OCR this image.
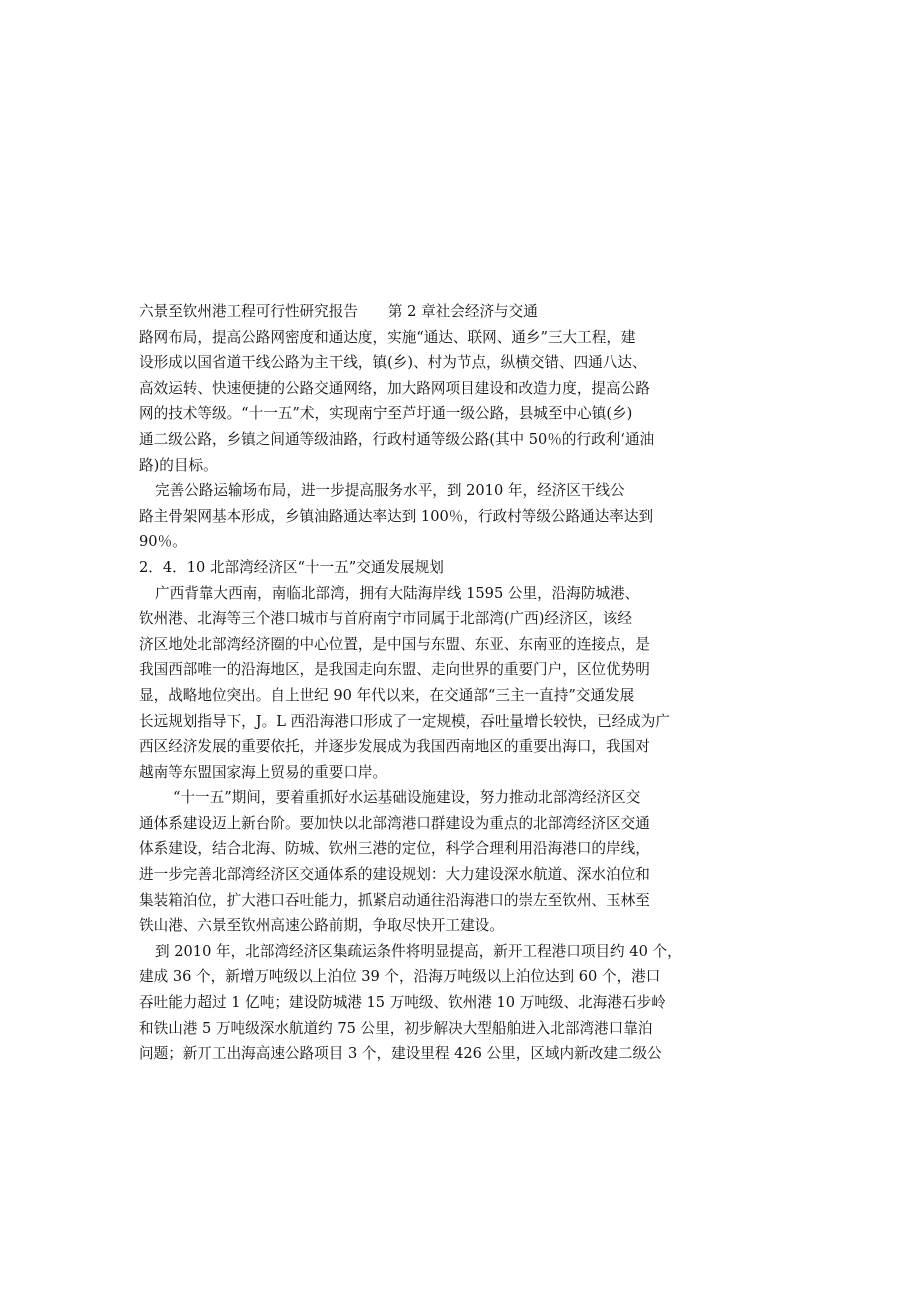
六景至钦州港工程可行性研究报告 第 2 章社会经济与交通
路网布局，提高公路网密度和通达度，实施“通达、联网、通乡”三大工程，建
设形成以国省道干线公路为主干线，镇(乡)、村为节点，纵横交错、四通八达、
高效运转、快速便捷的公路交通网络，加大路网项目建设和改造力度，提高公路
网的技术等级。“十一五”术，实现南宁至芦圩通一级公路，县城至中心镇(乡)
通二级公路，乡镇之间通等级油路，行政村通等级公路(其中 50％的行政利‘通油
路)的目标。
完善公路运输场布局，进一步提高服务水平，到 2010 年，经济区干线公
路主骨架网基本形成，乡镇油路通达率达到 100％，行政村等级公路通达率达到
90％。
2．4．10 北部湾经济区“十一五”交通发展规划
广西背靠大西南，南临北部湾，拥有大陆海岸线 1595 公里，沿海防城港、
钦州港、北海等三个港口城市与首府南宁市同属于北部湾(广西)经济区，该经
济区地处北部湾经济圈的中心位置，是中国与东盟、东亚、东南亚的连接点，是
我国西部唯一的沿海地区，是我国走向东盟、走向世界的重要门户，区位优势明
显，战略地位突出。自上世纪 90 年代以来，在交通部“三主一直持”交通发展
长远规划指导下，J。L 西沿海港口形成了一定规模，吞吐量增长较快，已经成为广
西区经济发展的重要依托，并逐步发展成为我国西南地区的重要出海口，我国对
越南等东盟国家海上贸易的重要口岸。
“十一五”期间，要着重抓好水运基础设施建设，努力推动北部湾经济区交
通体系建设迈上新台阶。要加快以北部湾港口群建设为重点的北部湾经济区交通
体系建设，结合北海、防城、钦州三港的定位，科学合理利用沿海港口的岸线，
进一步完善北部湾经济区交通体系的建设规划：大力建设深水航道、深水泊位和
集装箱泊位，扩大港口吞吐能力，抓紧启动通往沿海港口的崇左至钦州、玉林至
铁山港、六景至钦州高速公路前期，争取尽快开工建设。
到 2010 年，北部湾经济区集疏运条件将明显提高，新开工程港口项目约 40 个，
建成 36 个，新增万吨级以上泊位 39 个，沿海万吨级以上泊位达到 60 个，港口
吞吐能力超过 1 亿吨；建设防城港 15 万吨级、钦州港 10 万吨级、北海港石步岭
和铁山港 5 万吨级深水航道约 75 公里，初步解决大型船舶进入北部湾港口靠泊
问题；新丌工出海高速公路项目 3 个，建设里程 426 公里，区域内新改建二级公
